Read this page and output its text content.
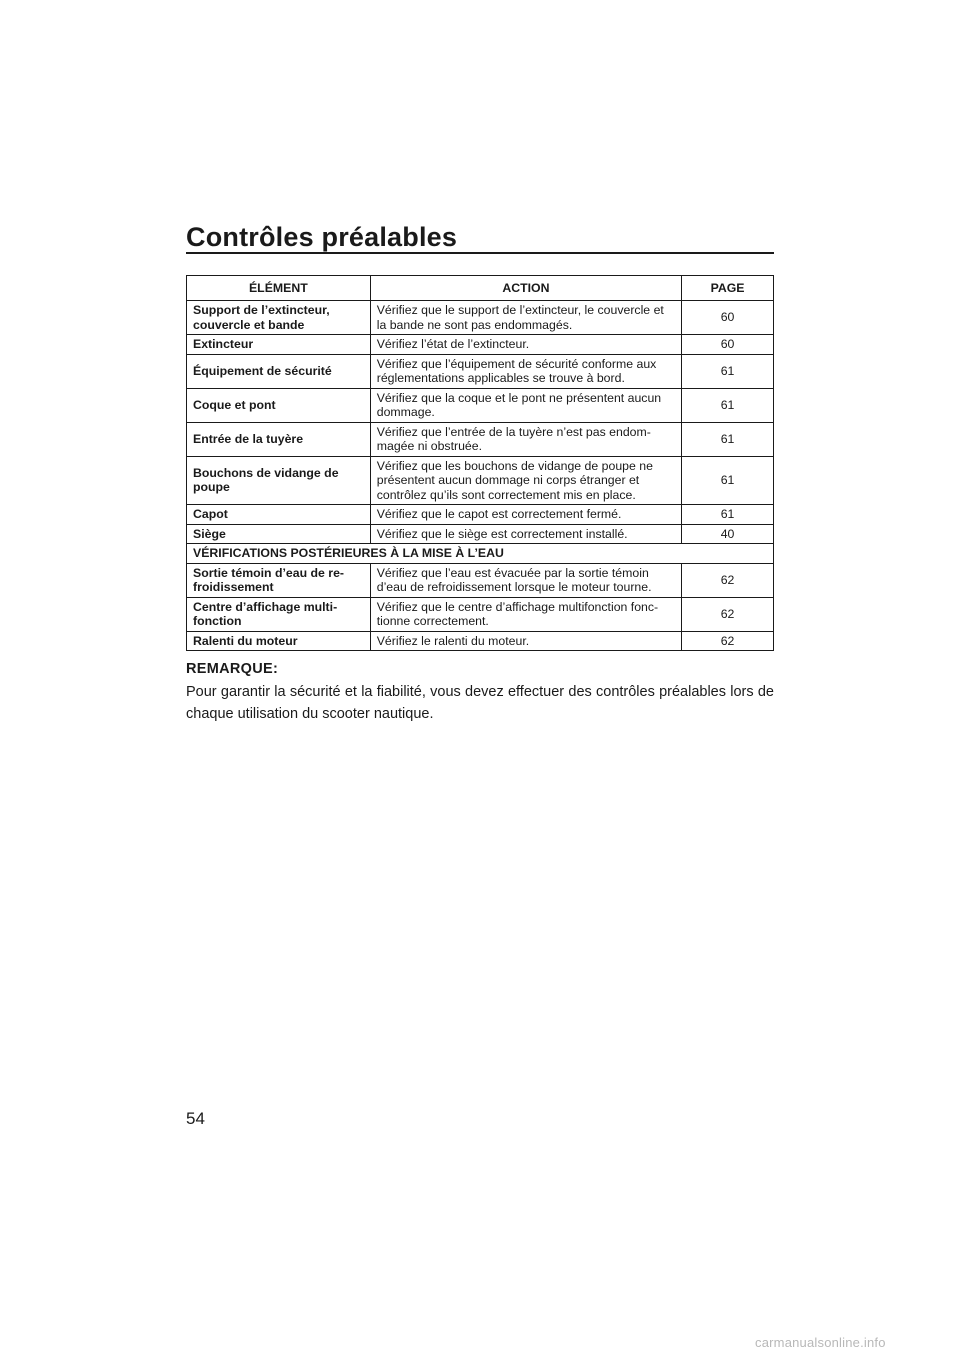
Contrôles préalables
ÉLÉMENT	ACTION	PAGE
Support de l’extincteur, couvercle et bande	Vérifiez que le support de l’extincteur, le couvercle et la bande ne sont pas endommagés.	60
Extincteur	Vérifiez l’état de l’extincteur.	60
Équipement de sécurité	Vérifiez que l’équipement de sécurité conforme aux réglementations applicables se trouve à bord.	61
Coque et pont	Vérifiez que la coque et le pont ne présentent aucun dommage.	61
Entrée de la tuyère	Vérifiez que l’entrée de la tuyère n’est pas endom-magée ni obstruée.	61
Bouchons de vidange de poupe	Vérifiez que les bouchons de vidange de poupe ne présentent aucun dommage ni corps étranger et contrôlez qu’ils sont correctement mis en place.	61
Capot	Vérifiez que le capot est correctement fermé.	61
Siège	Vérifiez que le siège est correctement installé.	40
VÉRIFICATIONS POSTÉRIEURES À LA MISE À L’EAU		
Sortie témoin d’eau de re-froidissement	Vérifiez que l’eau est évacuée par la sortie témoin d’eau de refroidissement lorsque le moteur tourne.	62
Centre d’affichage multi-fonction	Vérifiez que le centre d’affichage multifonction fonc-tionne correctement.	62
Ralenti du moteur	Vérifiez le ralenti du moteur.	62
REMARQUE:

Pour garantir la sécurité et la fiabilité, vous devez effectuer des contrôles préalables lors de chaque utilisation du scooter nautique.

54

carmanualsonline.info
